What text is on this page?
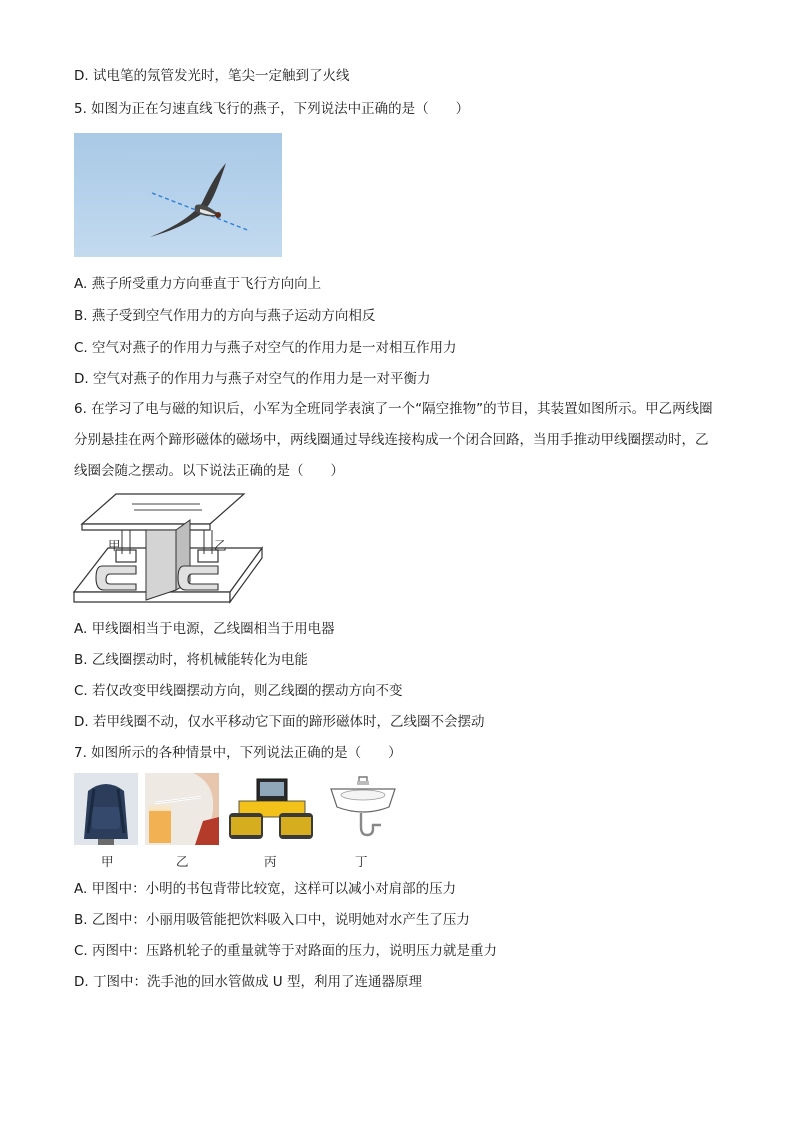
D. 试电笔的氖管发光时，笔尖一定触到了火线
5. 如图为正在匀速直线飞行的燕子，下列说法中正确的是（　　）
A. 燕子所受重力方向垂直于飞行方向向上
B. 燕子受到空气作用力的方向与燕子运动方向相反
C. 空气对燕子的作用力与燕子对空气的作用力是一对相互作用力
D. 空气对燕子的作用力与燕子对空气的作用力是一对平衡力
6. 在学习了电与磁的知识后，小军为全班同学表演了一个“隔空推物”的节目，其装置如图所示。甲乙两线圈分别悬挂在两个蹄形磁体的磁场中，两线圈通过导线连接构成一个闭合回路，当用手推动甲线圈摆动时，乙线圈会随之摆动。以下说法正确的是（　　）
甲	乙
A. 甲线圈相当于电源，乙线圈相当于用电器
B. 乙线圈摆动时，将机械能转化为电能
C. 若仅改变甲线圈摆动方向，则乙线圈的摆动方向不变
D. 若甲线圈不动，仅水平移动它下面的蹄形磁体时，乙线圈不会摆动
7. 如图所示的各种情景中，下列说法正确的是（　　）
甲	乙	丙	丁
A. 甲图中：小明的书包背带比较宽，这样可以减小对肩部的压力
B. 乙图中：小丽用吸管能把饮料吸入口中，说明她对水产生了压力
C. 丙图中：压路机轮子的重量就等于对路面的压力，说明压力就是重力
D. 丁图中：洗手池的回水管做成 U 型，利用了连通器原理
